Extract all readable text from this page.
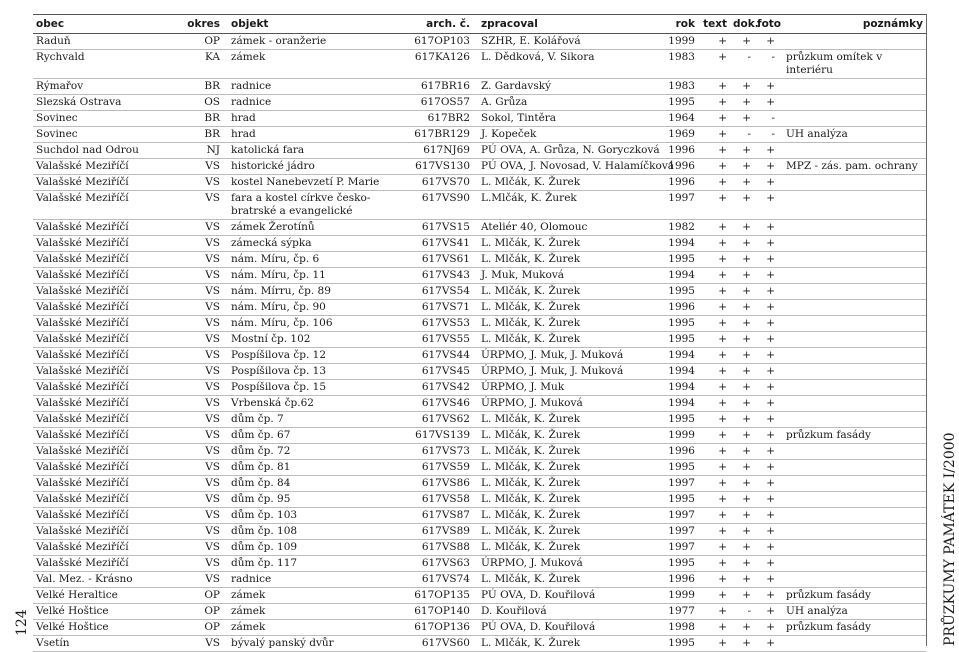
obec	okres	objekt	arch. č.	zpracoval	rok	text	dok.	foto	poznámky
Raduň	OP	zámek - oranžerie	617OP103	SZHR, E. Kolářová	1999	+	+	+	
Rychvald	KA	zámek	617KA126	L. Dědková, V. Sikora	1983	+	-	-	průzkum omítek v interiéru
Rýmařov	BR	radnice	617BR16	Z. Gardavský	1983	+	+	+	
Slezská Ostrava	OS	radnice	617OS57	A. Grůza	1995	+	+	+	
Sovinec	BR	hrad	617BR2	Sokol, Tintěra	1964	+	+	-	
Sovinec	BR	hrad	617BR129	J. Kopeček	1969	+	-	-	UH analýza
Suchdol nad Odrou	NJ	katolická fara	617NJ69	PÚ OVA, A. Grůza, N. Goryczková	1996	+	+	+	
Valašské Meziříčí	VS	historické jádro	617VS130	PÚ OVA, J. Novosad, V. Halamíčková	1996	+	+	+	MPZ - zás. pam. ochrany
Valašské Meziříčí	VS	kostel Nanebevzetí P. Marie	617VS70	L. Mlčák, K. Žurek	1996	+	+	+	
Valašské Meziříčí	VS	fara a kostel církve česko-bratrské a evangelické	617VS90	L.Mlčák, K. Žurek	1997	+	+	+	
Valašské Meziříčí	VS	zámek Žerotínů	617VS15	Ateliér 40, Olomouc	1982	+	+	+	
Valašské Meziříčí	VS	zámecká sýpka	617VS41	L. Mlčák, K. Žurek	1994	+	+	+	
Valašské Meziříčí	VS	nám. Míru, čp. 6	617VS61	L. Mlčák, K. Žurek	1995	+	+	+	
Valašské Meziříčí	VS	nám. Míru, čp. 11	617VS43	J. Muk, Muková	1994	+	+	+	
Valašské Meziříčí	VS	nám. Mírru, čp. 89	617VS54	L. Mlčák, K. Žurek	1995	+	+	+	
Valašské Meziříčí	VS	nám. Míru, čp. 90	617VS71	L. Mlčák, K. Žurek	1996	+	+	+	
Valašské Meziříčí	VS	nám. Míru, čp. 106	617VS53	L. Mlčák, K. Žurek	1995	+	+	+	
Valašské Meziříčí	VS	Mostní čp. 102	617VS55	L. Mlčák, K. Žurek	1995	+	+	+	
Valašské Meziříčí	VS	Pospíšilova čp. 12	617VS44	ÚRPMO, J. Muk, J. Muková	1994	+	+	+	
Valašské Meziříčí	VS	Pospíšilova čp. 13	617VS45	ÚRPMO, J. Muk, J. Muková	1994	+	+	+	
Valašské Meziříčí	VS	Pospíšilova čp. 15	617VS42	ÚRPMO, J. Muk	1994	+	+	+	
Valašské Meziříčí	VS	Vrbenská čp.62	617VS46	ÚRPMO, J. Muková	1994	+	+	+	
Valašské Meziříčí	VS	dům čp. 7	617VS62	L. Mlčák, K. Žurek	1995	+	+	+	
Valašské Meziříčí	VS	dům čp. 67	617VS139	L. Mlčák, K. Žurek	1999	+	+	+	průzkum fasády
Valašské Meziříčí	VS	dům čp. 72	617VS73	L. Mlčák, K. Žurek	1996	+	+	+	
Valašské Meziříčí	VS	dům čp. 81	617VS59	L. Mlčák, K. Žurek	1995	+	+	+	
Valašské Meziříčí	VS	dům čp. 84	617VS86	L. Mlčák, K. Žurek	1997	+	+	+	
Valašské Meziříčí	VS	dům čp. 95	617VS58	L. Mlčák, K. Žurek	1995	+	+	+	
Valašské Meziříčí	VS	dům čp. 103	617VS87	L. Mlčák, K. Žurek	1997	+	+	+	
Valašské Meziříčí	VS	dům čp. 108	617VS89	L. Mlčák, K. Žurek	1997	+	+	+	
Valašské Meziříčí	VS	dům čp. 109	617VS88	L. Mlčák, K. Žurek	1997	+	+	+	
Valašské Meziříčí	VS	dům čp. 117	617VS63	ÚRPMO, J. Muková	1995	+	+	+	
Val. Mez. - Krásno	VS	radnice	617VS74	L. Mlčák, K. Žurek	1996	+	+	+	
Velké Heraltice	OP	zámek	617OP135	PÚ OVA, D. Kouřilová	1999	+	+	+	průzkum fasády
Velké Hoštice	OP	zámek	617OP140	D. Kouřilová	1977	+	-	+	UH analýza
Velké Hoštice	OP	zámek	617OP136	PÚ OVA, D. Kouřilová	1998	+	+	+	průzkum fasády
Vsetín	VS	bývalý panský dvůr	617VS60	L. Mlčák, K. Žurek	1995	+	+	+		PRŮZKUMY PAMÁTEK I/2000
124
